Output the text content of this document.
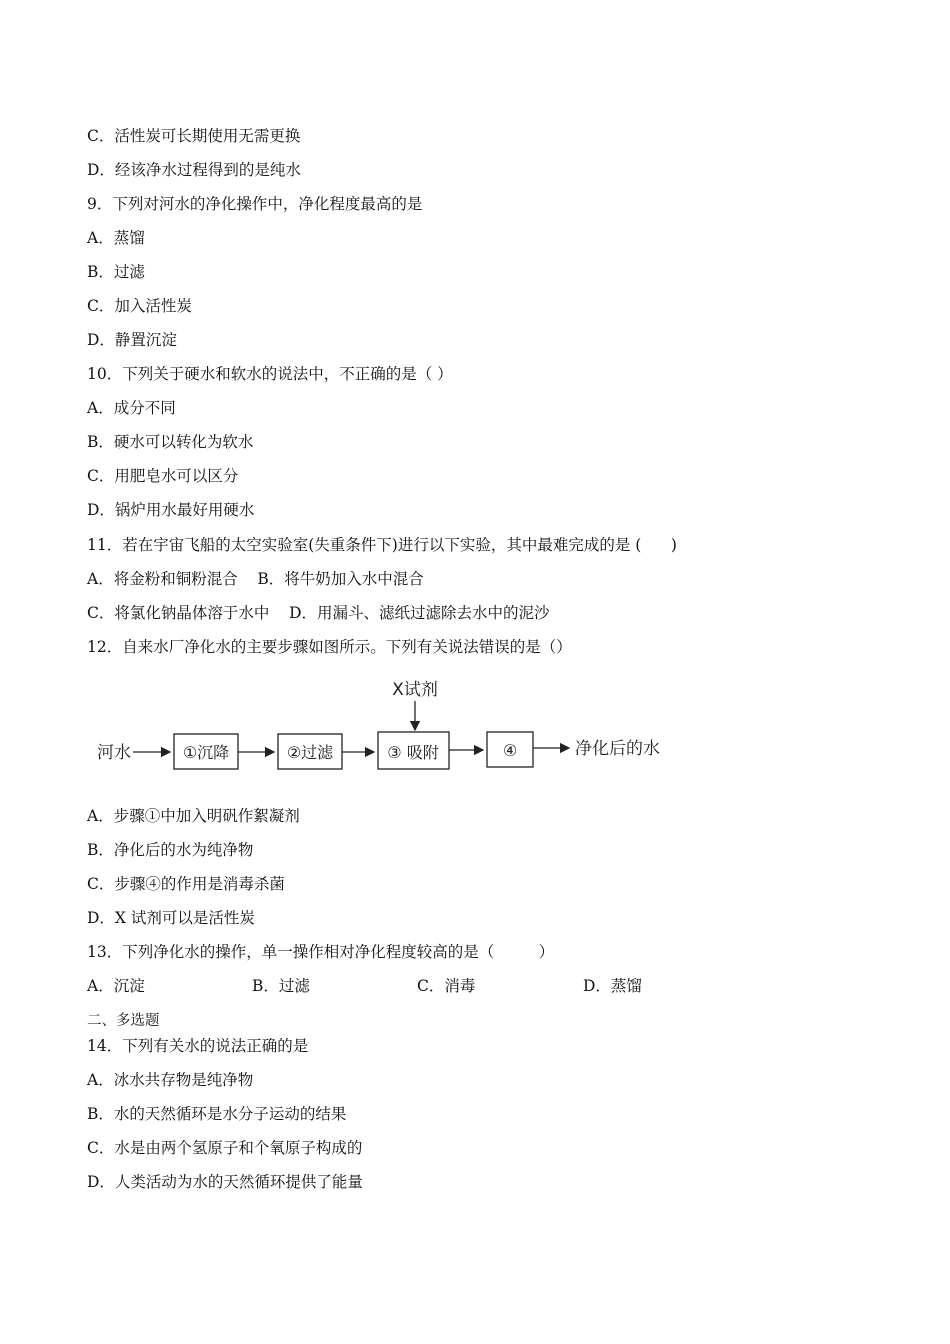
C．活性炭可长期使用无需更换
D．经该净水过程得到的是纯水
9．下列对河水的净化操作中，净化程度最高的是
A．蒸馏
B．过滤
C．加入活性炭
D．静置沉淀
10．下列关于硬水和软水的说法中，不正确的是（ ）
A．成分不同
B．硬水可以转化为软水
C．用肥皂水可以区分
D．锅炉用水最好用硬水
11．若在宇宙飞船的太空实验室(失重条件下)进行以下实验，其中最难完成的是 (      )
A．将金粉和铜粉混合    B．将牛奶加入水中混合
C．将氯化钠晶体溶于水中    D．用漏斗、滤纸过滤除去水中的泥沙
12．自来水厂净化水的主要步骤如图所示。下列有关说法错误的是（）
X试剂
河水	①沉降	②过滤	③ 吸附	④	净化后的水
A．步骤①中加入明矾作絮凝剂
B．净化后的水为纯净物
C．步骤④的作用是消毒杀菌
D．X 试剂可以是活性炭
13．下列净化水的操作，单一操作相对净化程度较高的是（         ）
A．沉淀	B．过滤	C．消毒	D．蒸馏
二、多选题
14．下列有关水的说法正确的是
A．冰水共存物是纯净物
B．水的天然循环是水分子运动的结果
C．水是由两个氢原子和个氧原子构成的
D．人类活动为水的天然循环提供了能量
